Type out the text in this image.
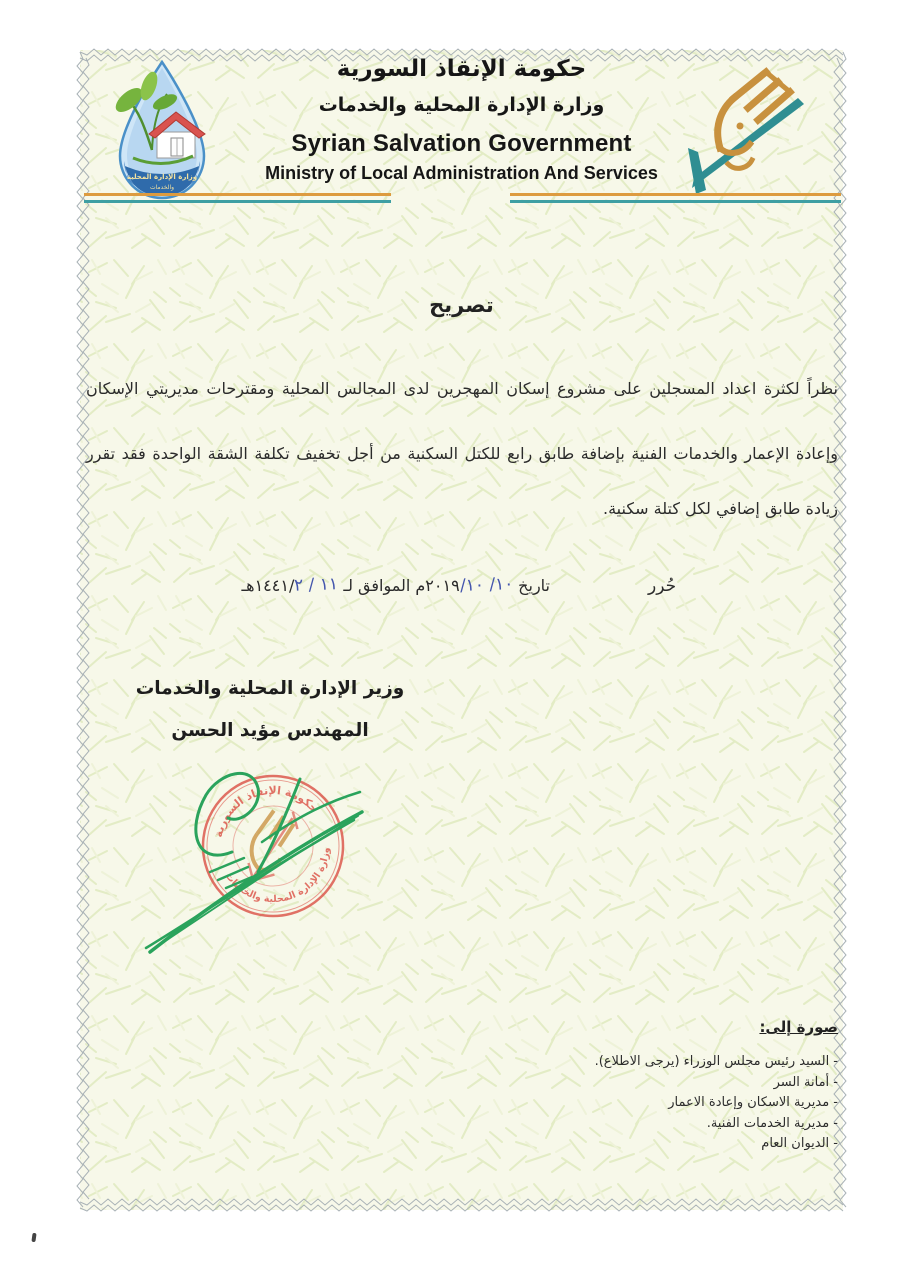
وزارة الإدارة المحلية
والخدمات
حكومة الإنقاذ السورية
وزارة الإدارة المحلية والخدمات
Syrian Salvation Government
Ministry of Local Administration And Services
تصريح
نظراً لكثرة اعداد المسجلين على مشروع إسكان المهجرين لدى المجالس المحلية ومقترحات مديريتي الإسكان
وإعادة الإعمار والخدمات الفنية بإضافة طابق رابع للكتل السكنية من أجل تخفيف تكلفة الشقة الواحدة فقد تقرر
زيادة طابق إضافي لكل كتلة سكنية.
حُرر
تاريخ ١٠/ ١٠/٢٠١٩م الموافق لـ ١١ / ٢/١٤٤١هـ
وزير الإدارة المحلية والخدمات
المهندس مؤيد الحسن
حكومة الإنقاذ السورية
وزارة الإدارة المحلية والخدمات
صورة إلى:
- السيد رئيس مجلس الوزراء (يرجى الاطلاع).
- أمانة السر
- مديرية الاسكان وإعادة الاعمار
- مديرية الخدمات الفنية.
- الديوان العام
